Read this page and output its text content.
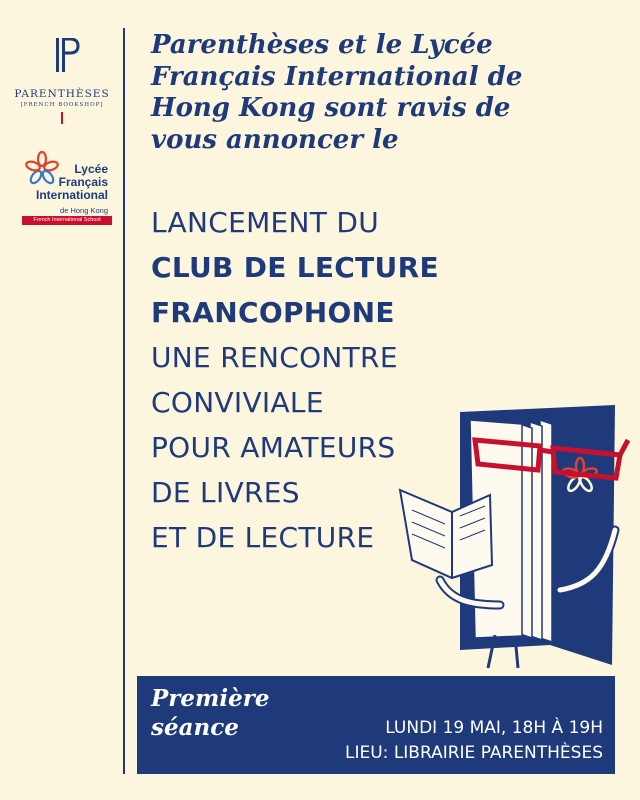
PARENTHÈSES
[FRENCH BOOKSHOP]
Lycée
Français
International
de Hong Kong
French International School
Parenthèses et le Lycée
Français International de
Hong Kong sont ravis de
vous annoncer le
LANCEMENT DU
CLUB DE LECTURE
FRANCOPHONE
UNE RENCONTRE
CONVIVIALE
POUR AMATEURS
DE LIVRES
ET DE LECTURE
Première
séance	LUNDI 19 MAI, 18H À 19H
LIEU: LIBRAIRIE PARENTHÈSES
